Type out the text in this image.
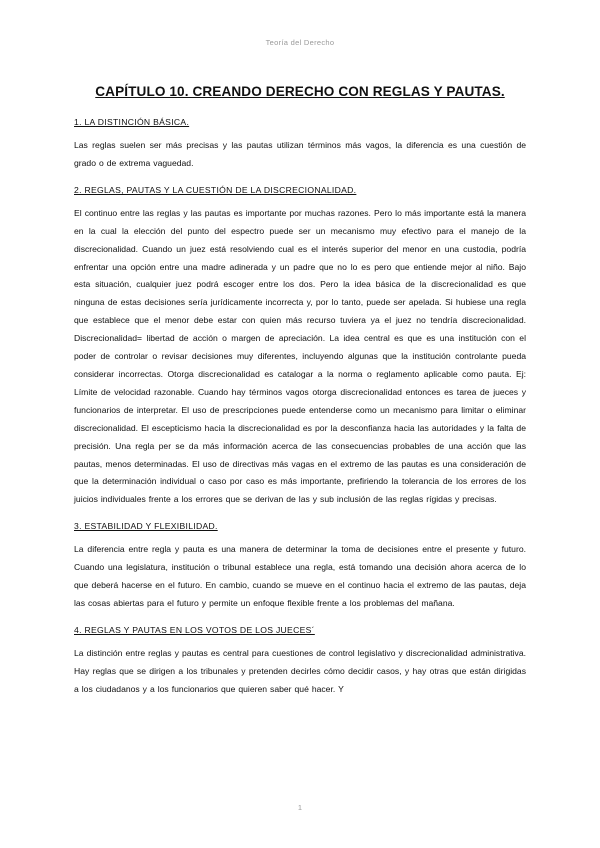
Teoría del Derecho
CAPÍTULO 10. CREANDO DERECHO CON REGLAS Y PAUTAS.
1. LA DISTINCIÓN BÁSICA.

Las reglas suelen ser más precisas y las pautas utilizan términos más vagos, la diferencia es una cuestión de grado o de extrema vaguedad.

2. REGLAS, PAUTAS Y LA CUESTIÓN DE LA DISCRECIONALIDAD.

El continuo entre las reglas y las pautas es importante por muchas razones. Pero lo más importante está la manera en la cual la elección del punto del espectro puede ser un mecanismo muy efectivo para el manejo de la discrecionalidad. Cuando un juez está resolviendo cual es el interés superior del menor en una custodia, podría enfrentar una opción entre una madre adinerada y un padre que no lo es pero que entiende mejor al niño. Bajo esta situación, cualquier juez podrá escoger entre los dos. Pero la idea básica de la discrecionalidad es que ninguna de estas decisiones sería jurídicamente incorrecta y, por lo tanto, puede ser apelada. Si hubiese una regla que establece que el menor debe estar con quien más recurso tuviera ya el juez no tendría discrecionalidad. Discrecionalidad= libertad de acción o margen de apreciación. La idea central es que es una institución con el poder de controlar o revisar decisiones muy diferentes, incluyendo algunas que la institución controlante pueda considerar incorrectas. Otorga discrecionalidad es catalogar a la norma o reglamento aplicable como pauta. Ej: Límite de velocidad razonable. Cuando hay términos vagos otorga discrecionalidad entonces es tarea de jueces y funcionarios de interpretar. El uso de prescripciones puede entenderse como un mecanismo para limitar o eliminar discrecionalidad. El escepticismo hacia la discrecionalidad es por la desconfianza hacia las autoridades y la falta de precisión. Una regla per se da más información acerca de las consecuencias probables de una acción que las pautas, menos determinadas. El uso de directivas más vagas en el extremo de las pautas es una consideración de que la determinación individual o caso por caso es más importante, prefiriendo la tolerancia de los errores de los juicios individuales frente a los errores que se derivan de las y sub inclusión de las reglas rígidas y precisas.

3. ESTABILIDAD Y FLEXIBILIDAD.

La diferencia entre regla y pauta es una manera de determinar la toma de decisiones entre el presente y futuro. Cuando una legislatura, institución o tribunal establece una regla, está tomando una decisión ahora acerca de lo que deberá hacerse en el futuro. En cambio, cuando se mueve en el continuo hacia el extremo de las pautas, deja las cosas abiertas para el futuro y permite un enfoque flexible frente a los problemas del mañana.

4. REGLAS Y PAUTAS EN LOS VOTOS DE LOS JUECES´

La distinción entre reglas y pautas es central para cuestiones de control legislativo y discrecionalidad administrativa. Hay reglas que se dirigen a los tribunales y pretenden decirles cómo decidir casos, y hay otras que están dirigidas a los ciudadanos y a los funcionarios que quieren saber qué hacer. Y

1
